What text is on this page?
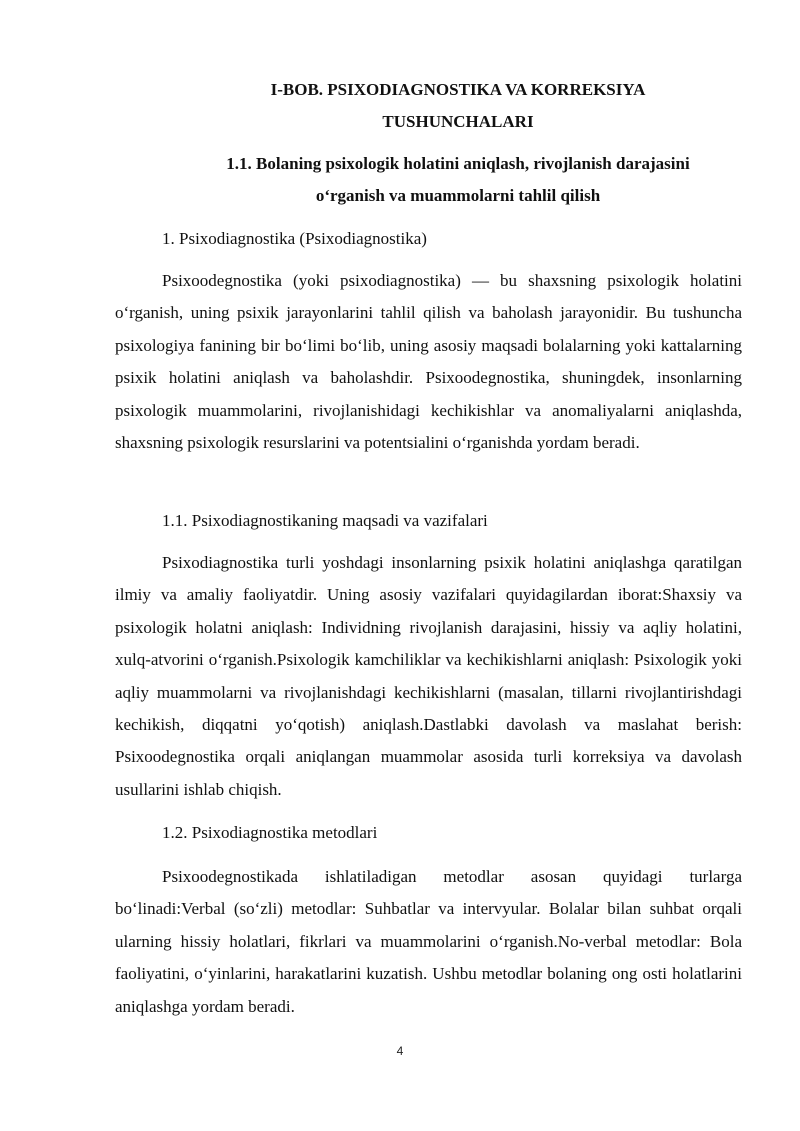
I-BOB. PSIXODIAGNOSTIKA VA KORREKSIYA
TUSHUNCHALARI
1.1. Bolaning psixologik holatini aniqlash, rivojlanish darajasini
o‘rganish va muammolarni tahlil qilish
1. Psixodiagnostika (Psixodiagnostika)

Psixoodegnostika (yoki psixodiagnostika) — bu shaxsning psixologik holatini o‘rganish, uning psixik jarayonlarini tahlil qilish va baholash jarayonidir. Bu tushuncha psixologiya fanining bir bo‘limi bo‘lib, uning asosiy maqsadi bolalarning yoki kattalarning psixik holatini aniqlash va baholashdir. Psixoodegnostika, shuningdek, insonlarning psixologik muammolarini, rivojlanishidagi kechikishlar va anomaliyalarni aniqlashda, shaxsning psixologik resurslarini va potentsialini o‘rganishda yordam beradi.

1.1. Psixodiagnostikaning maqsadi va vazifalari

Psixodiagnostika turli yoshdagi insonlarning psixik holatini aniqlashga qaratilgan ilmiy va amaliy faoliyatdir. Uning asosiy vazifalari quyidagilardan iborat:Shaxsiy va psixologik holatni aniqlash: Individning rivojlanish darajasini, hissiy va aqliy holatini, xulq-atvorini o‘rganish.Psixologik kamchiliklar va kechikishlarni aniqlash: Psixologik yoki aqliy muammolarni va rivojlanishdagi kechikishlarni (masalan, tillarni rivojlantirishdagi kechikish, diqqatni yo‘qotish) aniqlash.Dastlabki davolash va maslahat berish: Psixoodegnostika orqali aniqlangan muammolar asosida turli korreksiya va davolash usullarini ishlab chiqish.

1.2. Psixodiagnostika metodlari

Psixoodegnostikada ishlatiladigan metodlar asosan quyidagi turlarga bo‘linadi:Verbal (so‘zli) metodlar: Suhbatlar va intervyular. Bolalar bilan suhbat orqali ularning hissiy holatlari, fikrlari va muammolarini o‘rganish.No-verbal metodlar: Bola faoliyatini, o‘yinlarini, harakatlarini kuzatish. Ushbu metodlar bolaning ong osti holatlarini aniqlashga yordam beradi.

4
